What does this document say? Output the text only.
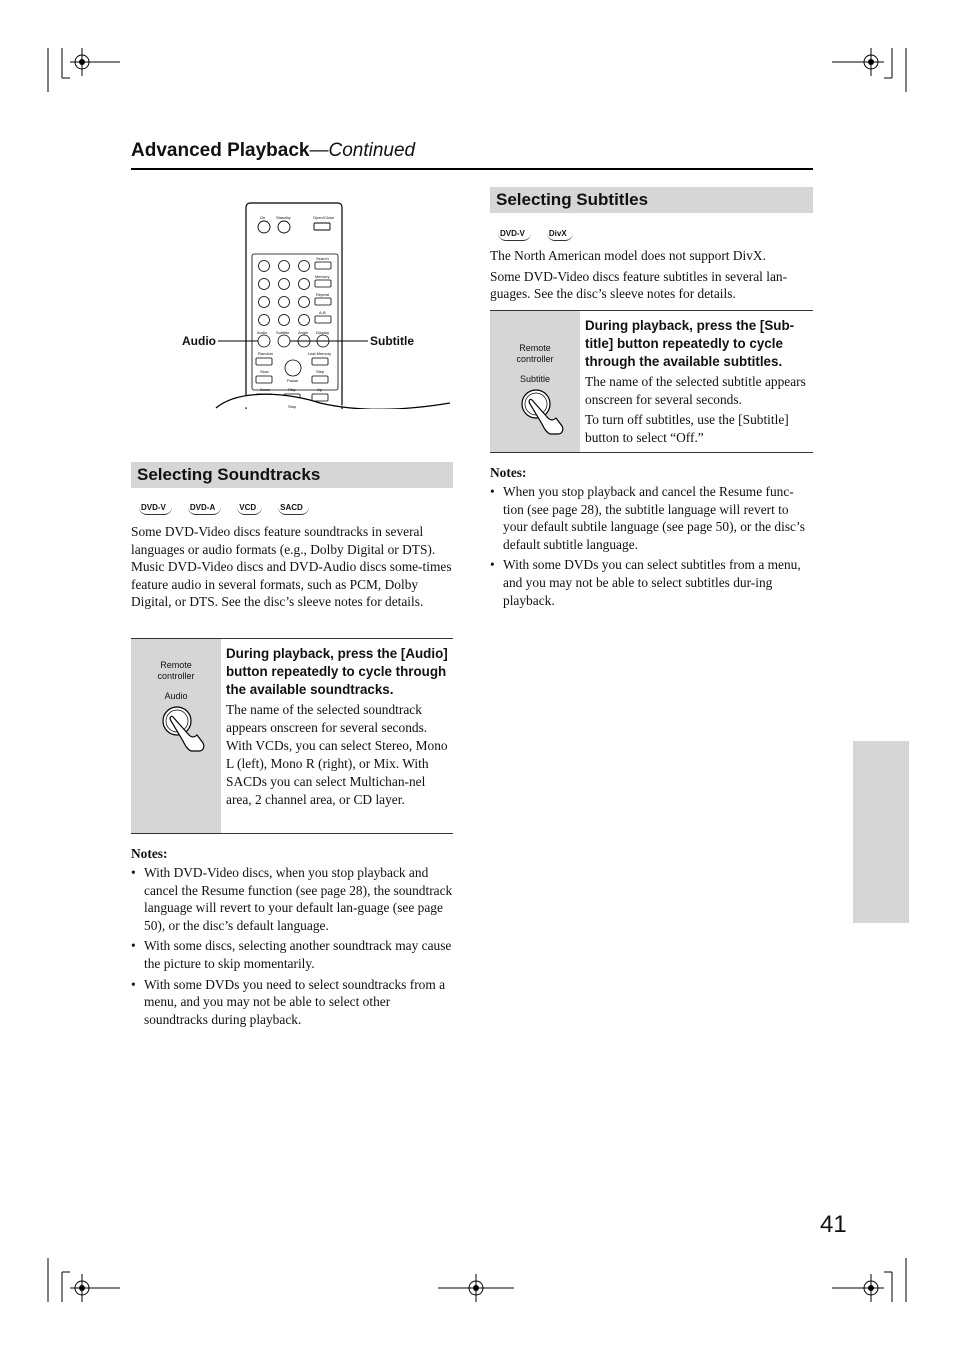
Advanced Playback—Continued
On	Standby	Open/Close
Search
Memory
Repeat
A-B
Audio Subtitle Angle Display
Random	Last Memory
Slow
Pause
Step
Down	Play	Up
Stop
Audio	Subtitle
Selecting Soundtracks
DVD-V	DVD-A	VCD	SACD

Some DVD-Video discs feature soundtracks in several languages or audio formats (e.g., Dolby Digital or DTS). Music DVD-Video discs and DVD-Audio discs some-times feature audio in several formats, such as PCM, Dolby Digital, or DTS. See the disc’s sleeve notes for details.

Remote controller
Audio
During playback, press the [Audio] button repeatedly to cycle through the available soundtracks.
The name of the selected soundtrack appears onscreen for several seconds. With VCDs, you can select Stereo, Mono L (left), Mono R (right), or Mix. With SACDs you can select Multichan-nel area, 2 channel area, or CD layer.
Notes:
• With DVD-Video discs, when you stop playback and cancel the Resume function (see page 28), the soundtrack language will revert to your default lan-guage (see page 50), or the disc’s default language.
• With some discs, selecting another soundtrack may cause the picture to skip momentarily.
• With some DVDs you need to select soundtracks from a menu, and you may not be able to select other soundtracks during playback.
Selecting Subtitles
DVD-V	DivX

The North American model does not support DivX.

Some DVD-Video discs feature subtitles in several lan-guages. See the disc’s sleeve notes for details.

Remote controller
Subtitle
During playback, press the [Sub-title] button repeatedly to cycle through the available subtitles.
The name of the selected subtitle appears onscreen for several seconds.
To turn off subtitles, use the [Subtitle] button to select “Off.”
Notes:
• When you stop playback and cancel the Resume func-tion (see page 28), the subtitle language will revert to your default subtile language (see page 50), or the disc’s default subtitle language.
• With some DVDs you can select subtitles from a menu, and you may not be able to select subtitles dur-ing playback.
41
